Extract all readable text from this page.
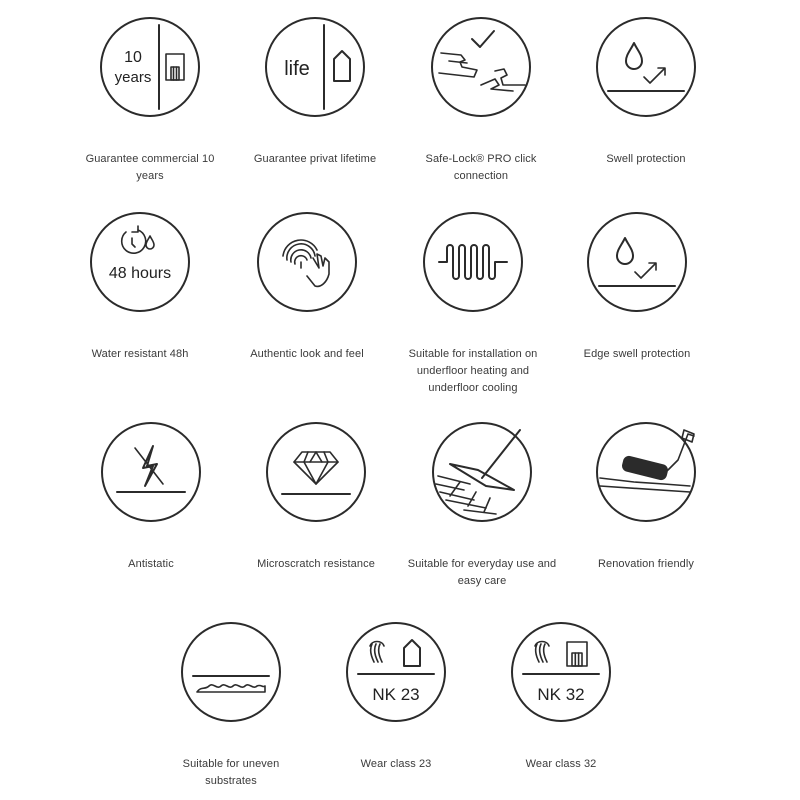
10
years
Guarantee commercial 10 years
life
Guarantee privat lifetime	Safe-Lock® PRO click connection
Swell protection
48 hours
Water resistant 48h	Authentic look and feel	Suitable for installation on underfloor heating and underfloor cooling
Edge swell protection
Antistatic	Microscratch resistance	Suitable for everyday use and easy care
Renovation friendly
Suitable for uneven substrates
NK 23
Wear class 23
NK 32
Wear class 32
